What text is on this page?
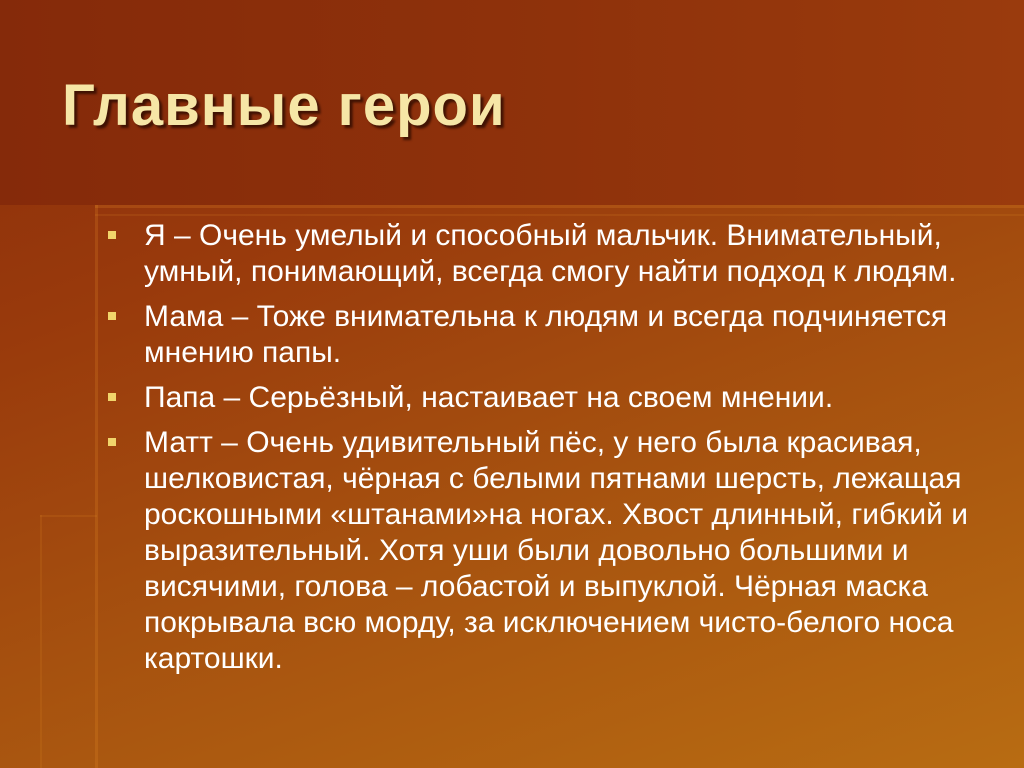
Главные герои
Я – Очень умелый и способный мальчик. Внимательный, умный, понимающий, всегда смогу найти подход к людям.
Мама – Тоже внимательна к людям и всегда подчиняется мнению папы.
Папа – Серьёзный, настаивает на своем мнении.
Матт – Очень удивительный пёс, у него была красивая, шелковистая, чёрная с белыми пятнами шерсть, лежащая роскошными «штанами»на ногах. Хвост длинный, гибкий и выразительный. Хотя уши были довольно большими и висячими, голова – лобастой и выпуклой. Чёрная маска покрывала всю морду, за исключением чисто-белого носа картошки.
